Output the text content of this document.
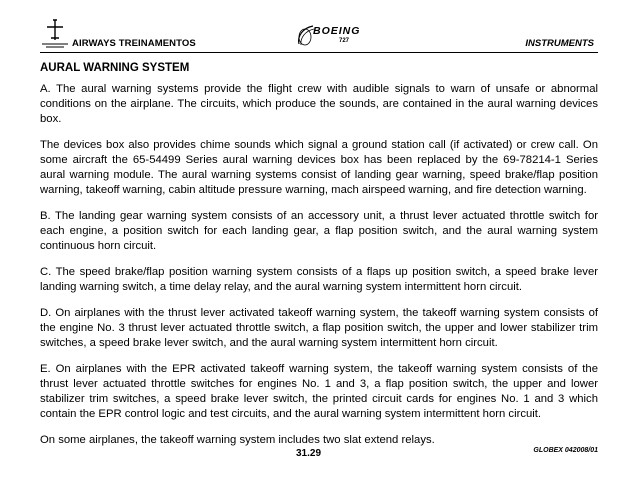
AIRWAYS TREINAMENTOS
BOEING
727	INSTRUMENTS
AURAL WARNING SYSTEM

A. The aural warning systems provide the flight crew with audible signals to warn of unsafe or abnormal conditions on the airplane. The circuits, which produce the sounds, are contained in the aural warning devices box.

The devices box also provides chime sounds which signal a ground station call (if activated) or crew call. On some aircraft the 65-54499 Series aural warning devices box has been replaced by the 69-78214-1 Series aural warning module. The aural warning systems consist of landing gear warning, speed brake/flap position warning, takeoff warning, cabin altitude pressure warning, mach airspeed warning, and fire detection warning.

B. The landing gear warning system consists of an accessory unit, a thrust lever actuated throttle switch for each engine, a position switch for each landing gear, a flap position switch, and the aural warning system continuous horn circuit.

C. The speed brake/flap position warning system consists of a flaps up position switch, a speed brake lever landing warning switch, a time delay relay, and the aural warning system intermittent horn circuit.

D. On airplanes with the thrust lever activated takeoff warning system, the takeoff warning system consists of the engine No. 3 thrust lever actuated throttle switch, a flap position switch, the upper and lower stabilizer trim switches, a speed brake lever switch, and the aural warning system intermittent horn circuit.

E. On airplanes with the EPR activated takeoff warning system, the takeoff warning system consists of the thrust lever actuated throttle switches for engines No. 1 and 3, a flap position switch, the upper and lower stabilizer trim switches, a speed brake lever switch, the printed circuit cards for engines No. 1 and 3 which contain the EPR control logic and test circuits, and the aural warning system intermittent horn circuit.

On some airplanes, the takeoff warning system includes two slat extend relays.

31.29	GLOBEX 042008/01
